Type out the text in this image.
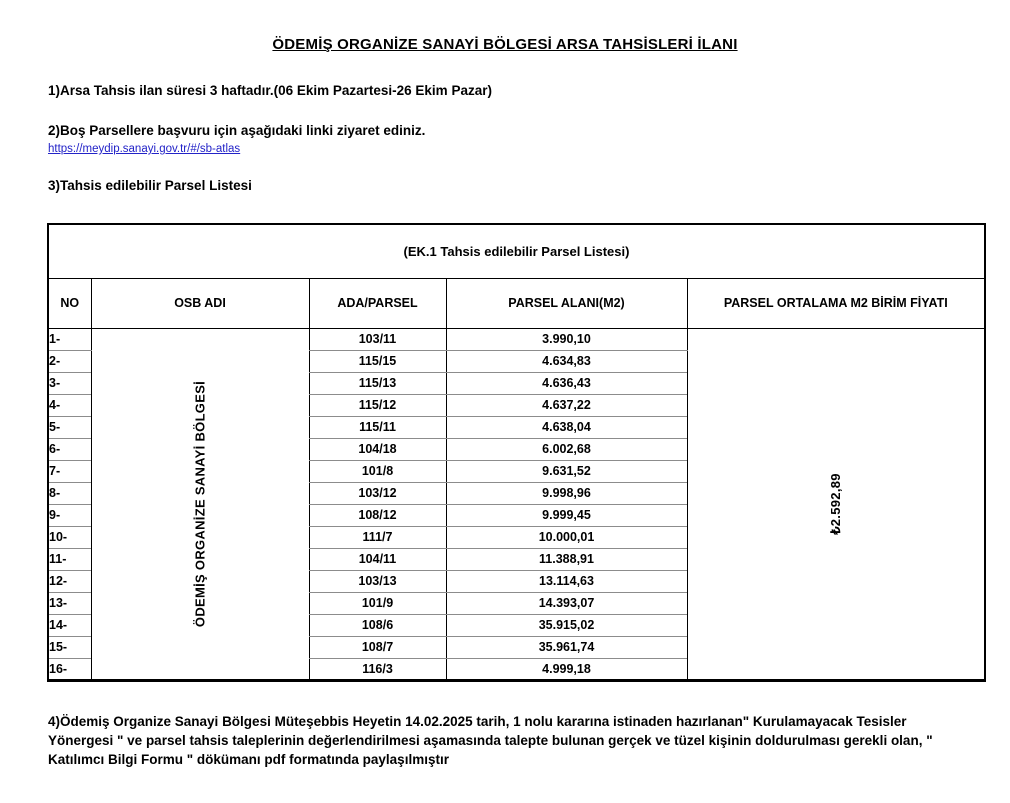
ÖDEMİŞ ORGANİZE SANAYİ BÖLGESİ ARSA TAHSİSLERİ İLANI
1)Arsa Tahsis ilan süresi 3 haftadır.(06 Ekim Pazartesi-26 Ekim Pazar)
2)Boş Parsellere başvuru için aşağıdaki linki ziyaret ediniz.
https://meydip.sanayi.gov.tr/#/sb-atlas
3)Tahsis edilebilir Parsel Listesi
(EK.1 Tahsis edilebilir Parsel Listesi)				
NO	OSB ADI	ADA/PARSEL	PARSEL ALANI(M2)	PARSEL ORTALAMA M2 BİRİM FİYATI
1-	ÖDEMİŞ ORGANİZE SANAYİ BÖLGESİ	103/11	3.990,10	₺2.592,89

2-		115/15	4.634,83	
3-		115/13	4.636,43	
4-		115/12	4.637,22	
5-		115/11	4.638,04	
6-		104/18	6.002,68	
7-		101/8	9.631,52	
8-		103/12	9.998,96	
9-		108/12	9.999,45	
10-		111/7	10.000,01	
11-		104/11	11.388,91	
12-		103/13	13.114,63	
13-		101/9	14.393,07	
14-		108/6	35.915,02	
15-		108/7	35.961,74	
16-		116/3	4.999,18	
4)Ödemiş Organize Sanayi Bölgesi Müteşebbis Heyetin 14.02.2025 tarih, 1 nolu kararına istinaden hazırlanan" Kurulamayacak Tesisler Yönergesi " ve parsel tahsis taleplerinin değerlendirilmesi aşamasında talepte bulunan gerçek ve tüzel kişinin doldurulması gerekli olan, " Katılımcı Bilgi Formu " dökümanı pdf formatında paylaşılmıştır
